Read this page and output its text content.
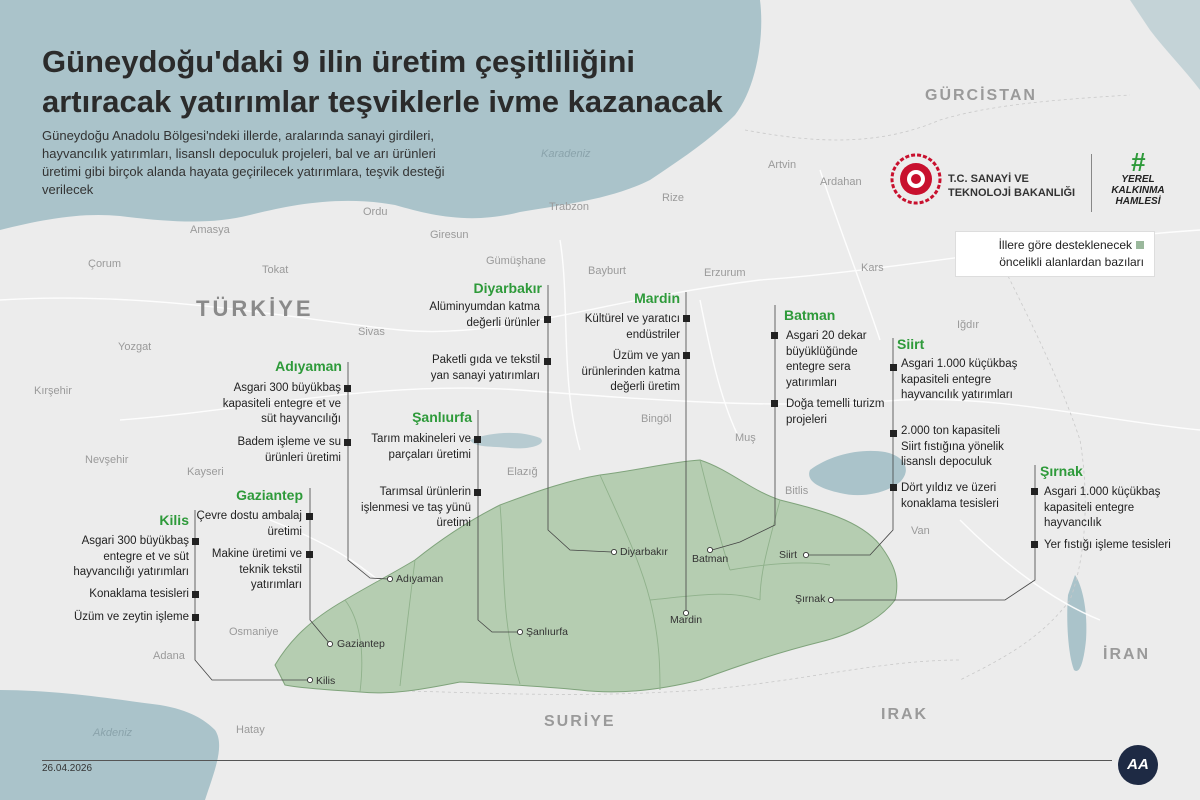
Karadeniz
Akdeniz
TÜRKİYE
GÜRCİSTAN
İRAN
IRAK
SURİYE
Ordu
Giresun
Trabzon
Rize
Artvin
Ardahan
Amasya
Çorum	Tokat
Gümüşhane
Bayburt	Erzurum	Kars
Sivas
Yozgat
Kırşehir
Nevşehir
Kayseri
Iğdır
Bingöl
Muş
Elazığ
Bitlis
Van
Osmaniye
Adana
Hatay
Güneydoğu'daki 9 ilin üretim çeşitliliğini artıracak yatırımlar teşviklerle ivme kazanacak
Güneydoğu Anadolu Bölgesi'ndeki illerde, aralarında sanayi girdileri, hayvancılık yatırımları, lisanslı depoculuk projeleri, bal ve arı ürünleri üretimi gibi birçok alanda hayata geçirilecek yatırımlara, teşvik desteği verilecek
T.C. SANAYİ VE
TEKNOLOJİ BAKANLIĞI
#
YEREL
KALKINMA
HAMLESİ
İllere göre desteklenecek
öncelikli alanlardan bazıları
Diyarbakır
Alüminyumdan katma değerli ürünler
Paketli gıda ve tekstil yan sanayi yatırımları
Diyarbakır
Mardin
Kültürel ve yaratıcı endüstriler
Üzüm ve yan ürünlerinden katma değerli üretim
Mardin
Batman
Asgari 20 dekar büyüklüğünde entegre sera yatırımları
Doğa temelli turizm projeleri
Batman
Siirt
Asgari 1.000 küçükbaş kapasiteli entegre hayvancılık yatırımları
2.000 ton kapasiteli Siirt fıstığına yönelik lisanslı depoculuk
Dört yıldız ve üzeri konaklama tesisleri
Siirt
Şırnak
Asgari 1.000 küçükbaş kapasiteli entegre hayvancılık
Yer fıstığı işleme tesisleri
Şırnak
Adıyaman
Asgari 300 büyükbaş kapasiteli entegre et ve süt hayvancılığı
Badem işleme ve su ürünleri üretimi
Adıyaman
Şanlıurfa
Tarım makineleri ve parçaları üretimi
Tarımsal ürünlerin işlenmesi ve taş yünü üretimi
Şanlıurfa
Gaziantep
Çevre dostu ambalaj üretimi
Makine üretimi ve teknik tekstil yatırımları
Gaziantep
Kilis
Asgari 300 büyükbaş entegre et ve süt hayvancılığı yatırımları
Konaklama tesisleri
Üzüm ve zeytin işleme
Kilis
26.04.2026	AA
